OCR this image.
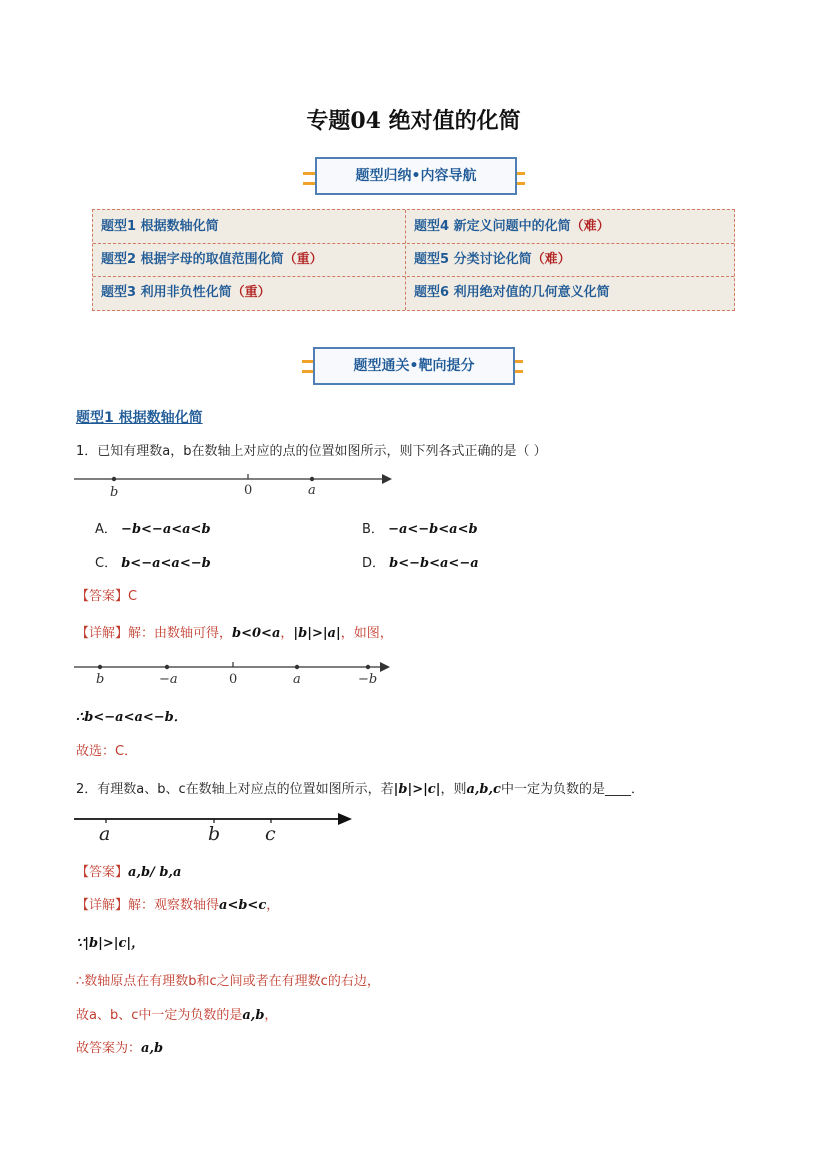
专题04 绝对值的化简
题型归纳•内容导航
题型1 根据数轴化简	题型4 新定义问题中的化简（难）
题型2 根据字母的取值范围化简（重）	题型5 分类讨论化简（难）
题型3 利用非负性化简（重）	题型6 利用绝对值的几何意义化简
题型通关•靶向提分
题型1 根据数轴化简
1．已知有理数a，b在数轴上对应的点的位置如图所示，则下列各式正确的是（ ）
b	0	a
A． −b<−a<a<b	B． −a<−b<a<b
C． b<−a<a<−b	D． b<−b<a<−a
【答案】C
【详解】解：由数轴可得，b<0<a，|b|>|a|，如图，
b	−a	0	a	−b
∴b<−a<a<−b．
故选：C．
2．有理数a、b、c在数轴上对应点的位置如图所示，若|b|>|c|，则a,b,c中一定为负数的是____．
a	b c
【答案】a,b/ b,a
【详解】解：观察数轴得a<b<c，
∵|b|>|c|，
∴数轴原点在有理数b和c之间或者在有理数c的右边，
故a、b、c中一定为负数的是a,b，
故答案为：a,b
